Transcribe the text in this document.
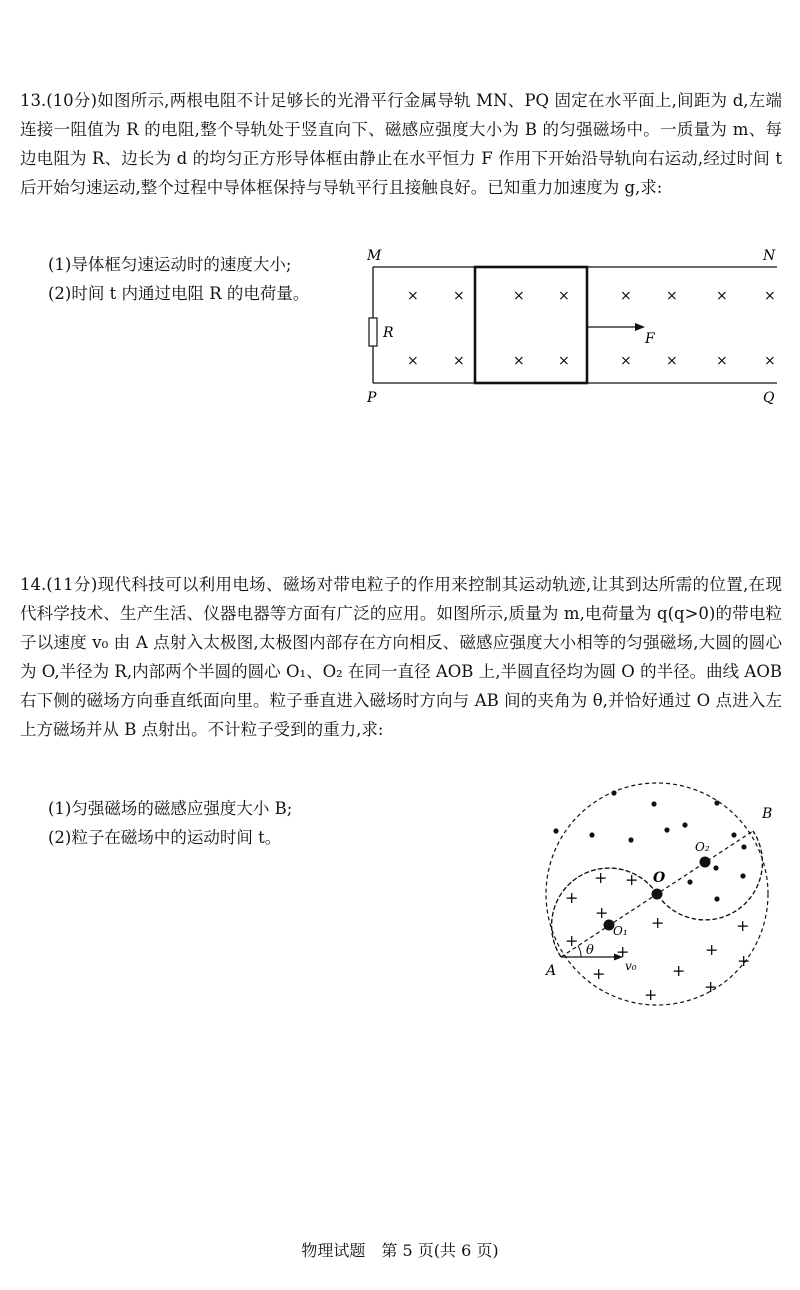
13.(10分)如图所示,两根电阻不计足够长的光滑平行金属导轨 MN、PQ 固定在水平面上,间距为 d,左端连接一阻值为 R 的电阻,整个导轨处于竖直向下、磁感应强度大小为 B 的匀强磁场中。一质量为 m、每边电阻为 R、边长为 d 的均匀正方形导体框由静止在水平恒力 F 作用下开始沿导轨向右运动,经过时间 t 后开始匀速运动,整个过程中导体框保持与导轨平行且接触良好。已知重力加速度为 g,求:

(1)导体框匀速运动时的速度大小;

(2)时间 t 内通过电阻 R 的电荷量。

R
M	N
P	Q
F
× ×	× ×	× ×	×	×
× ×	× ×	× ×	×	×

14.(11分)现代科技可以利用电场、磁场对带电粒子的作用来控制其运动轨迹,让其到达所需的位置,在现代科学技术、生产生活、仪器电器等方面有广泛的应用。如图所示,质量为 m,电荷量为 q(q>0)的带电粒子以速度 v₀ 由 A 点射入太极图,太极图内部存在方向相反、磁感应强度大小相等的匀强磁场,大圆的圆心为 O,半径为 R,内部两个半圆的圆心 O₁、O₂ 在同一直径 AOB 上,半圆直径均为圆 O 的半径。曲线 AOB 右下侧的磁场方向垂直纸面向里。粒子垂直进入磁场时方向与 AB 间的夹角为 θ,并恰好通过 O 点进入左上方磁场并从 B 点射出。不计粒子受到的重力,求:

(1)匀强磁场的磁感应强度大小 B;

(2)粒子在磁场中的运动时间 t。

O
O₁
O₂
A
B
v₀
θ
+ +
+
+
+
+
+
+
+
+	+
+
+
+
物理试题　第 5 页(共 6 页)
